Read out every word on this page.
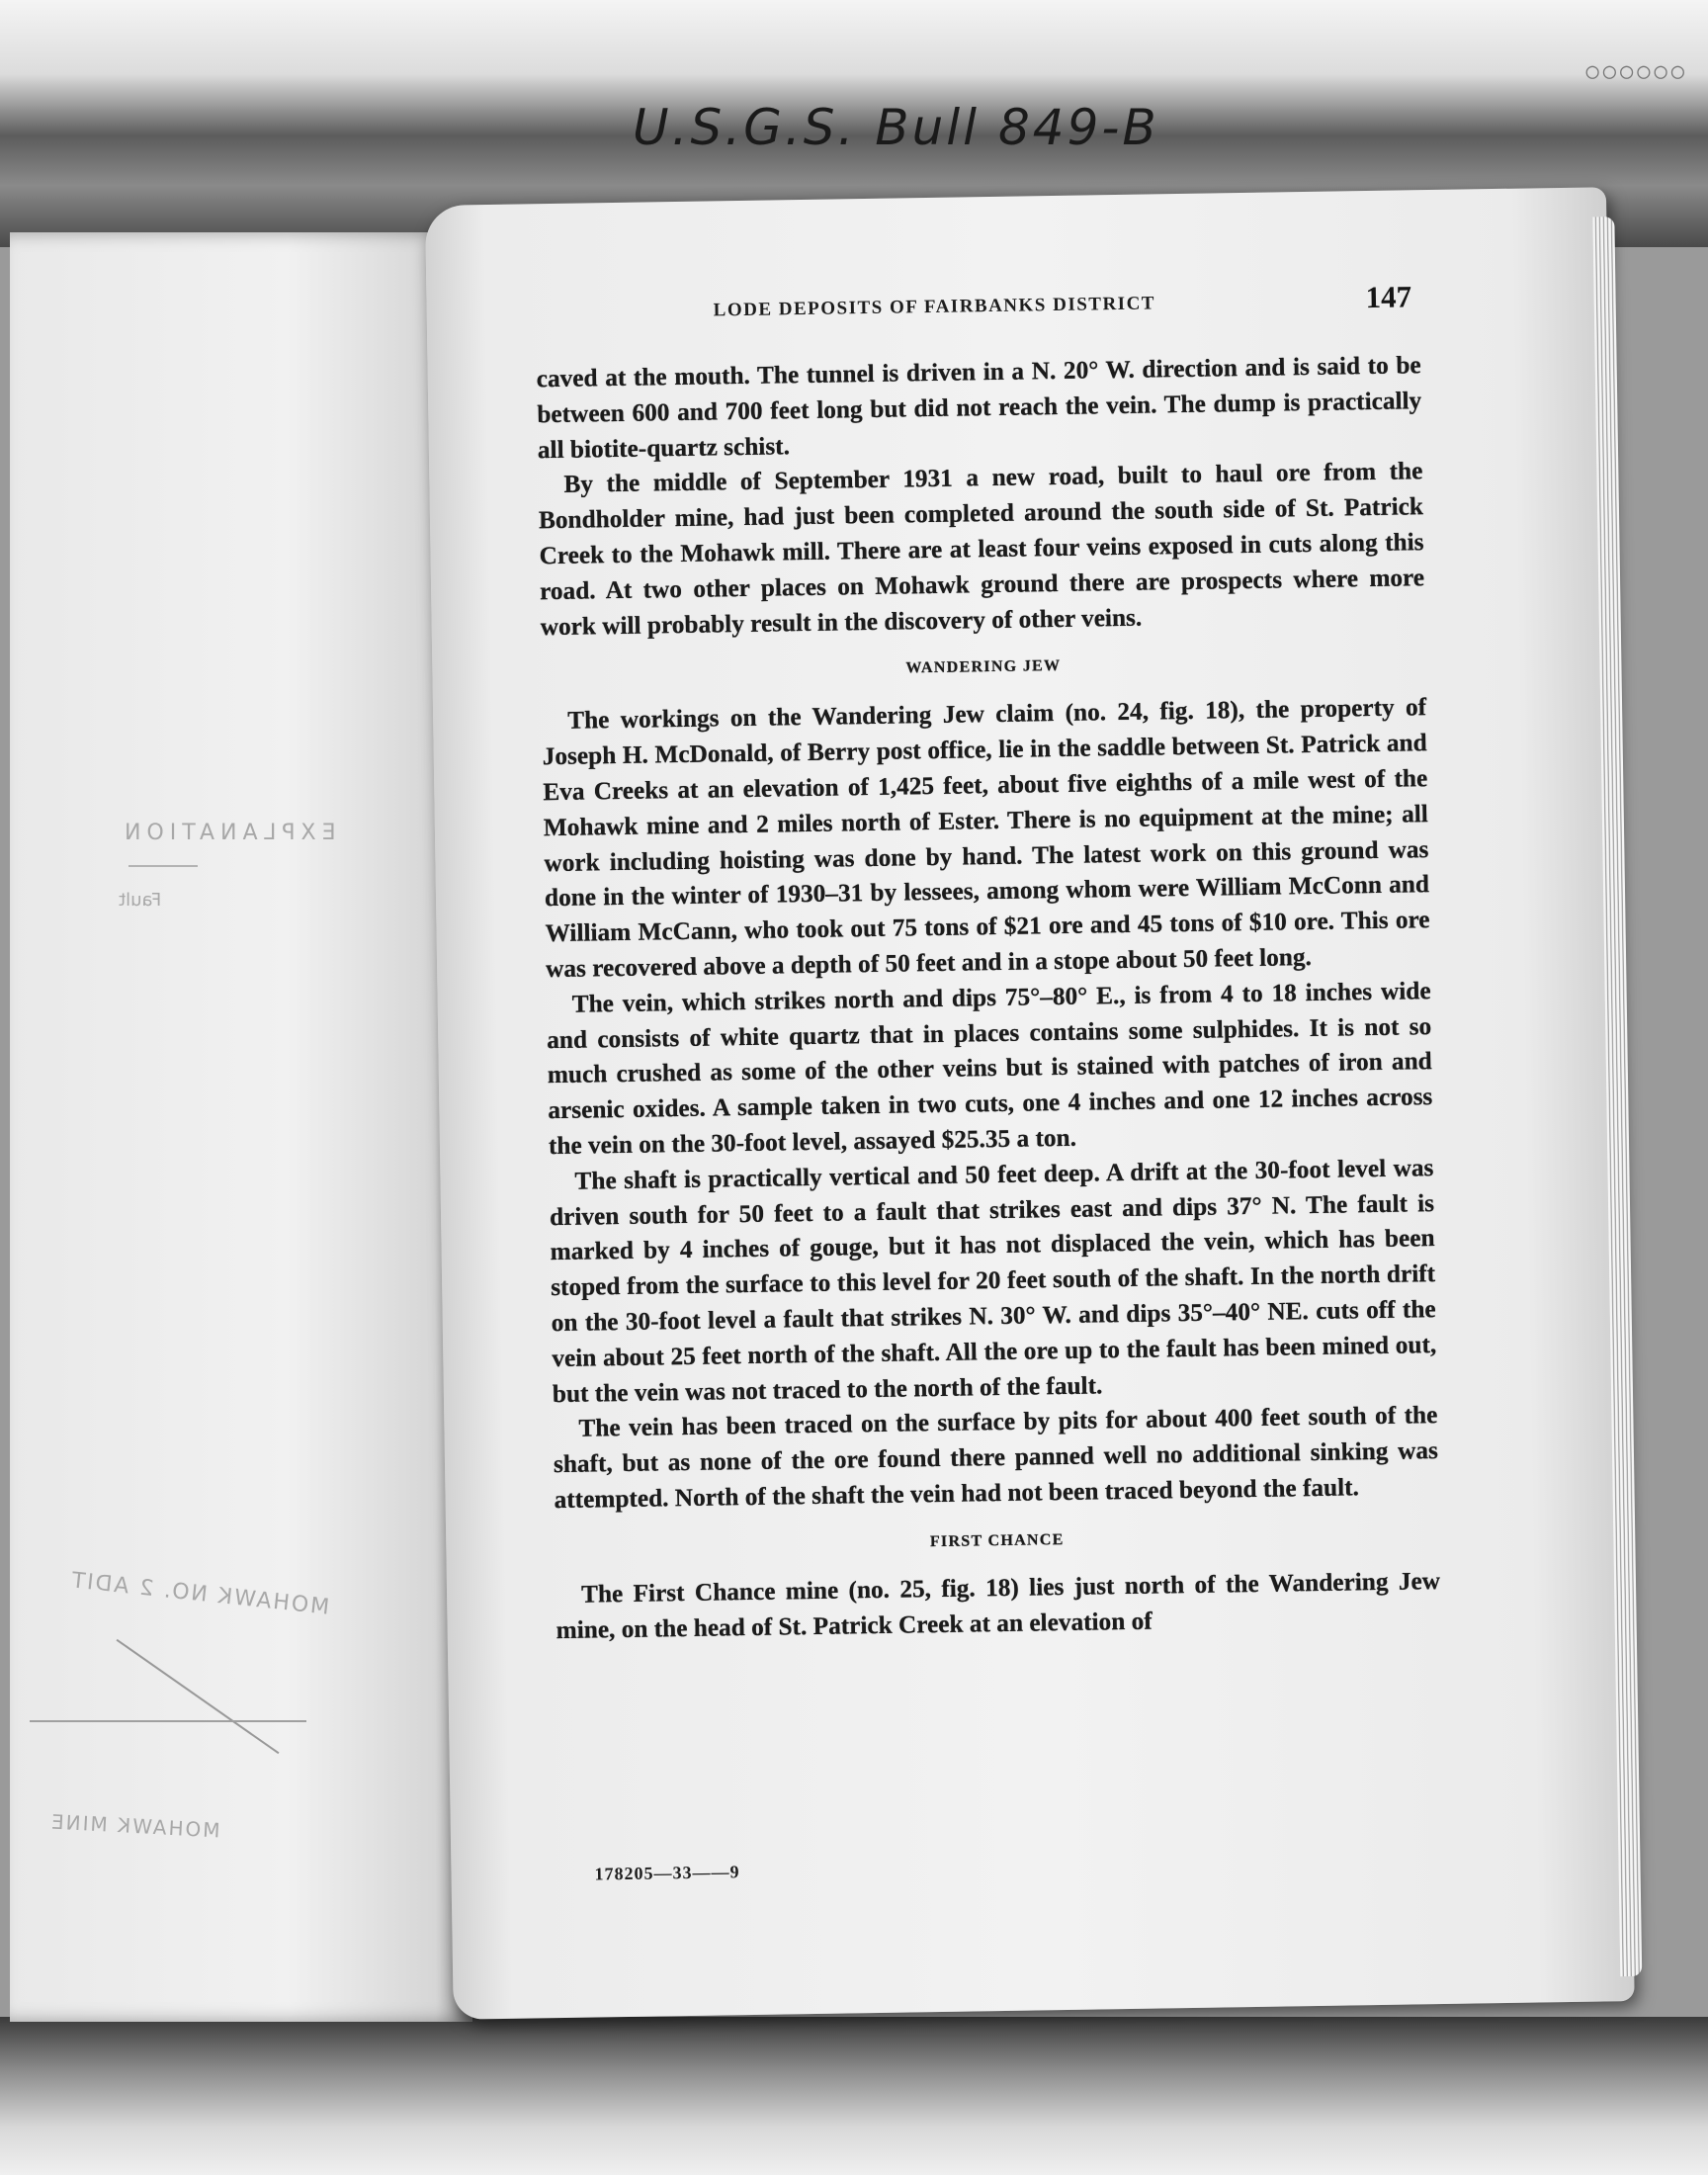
U.S.G.S. Bull 849-B
○○○○○○
EXPLANATION
Fault
MOHAWK NO. 2 ADIT
MOHAWK MINE
LODE DEPOSITS OF FAIRBANKS DISTRICT	147

caved at the mouth. The tunnel is driven in a N. 20° W. direction and is said to be between 600 and 700 feet long but did not reach the vein. The dump is practically all biotite-quartz schist.

By the middle of September 1931 a new road, built to haul ore from the Bondholder mine, had just been completed around the south side of St. Patrick Creek to the Mohawk mill. There are at least four veins exposed in cuts along this road. At two other places on Mohawk ground there are prospects where more work will probably result in the discovery of other veins.

WANDERING JEW

The workings on the Wandering Jew claim (no. 24, fig. 18), the property of Joseph H. McDonald, of Berry post office, lie in the saddle between St. Patrick and Eva Creeks at an elevation of 1,425 feet, about five eighths of a mile west of the Mohawk mine and 2 miles north of Ester. There is no equipment at the mine; all work including hoisting was done by hand. The latest work on this ground was done in the winter of 1930–31 by lessees, among whom were William McConn and William McCann, who took out 75 tons of $21 ore and 45 tons of $10 ore. This ore was recovered above a depth of 50 feet and in a stope about 50 feet long.

The vein, which strikes north and dips 75°–80° E., is from 4 to 18 inches wide and consists of white quartz that in places contains some sulphides. It is not so much crushed as some of the other veins but is stained with patches of iron and arsenic oxides. A sample taken in two cuts, one 4 inches and one 12 inches across the vein on the 30-foot level, assayed $25.35 a ton.

The shaft is practically vertical and 50 feet deep. A drift at the 30-foot level was driven south for 50 feet to a fault that strikes east and dips 37° N. The fault is marked by 4 inches of gouge, but it has not displaced the vein, which has been stoped from the surface to this level for 20 feet south of the shaft. In the north drift on the 30-foot level a fault that strikes N. 30° W. and dips 35°–40° NE. cuts off the vein about 25 feet north of the shaft. All the ore up to the fault has been mined out, but the vein was not traced to the north of the fault.

The vein has been traced on the surface by pits for about 400 feet south of the shaft, but as none of the ore found there panned well no additional sinking was attempted. North of the shaft the vein had not been traced beyond the fault.

FIRST CHANCE

The First Chance mine (no. 25, fig. 18) lies just north of the Wandering Jew mine, on the head of St. Patrick Creek at an elevation of

178205—33——9
